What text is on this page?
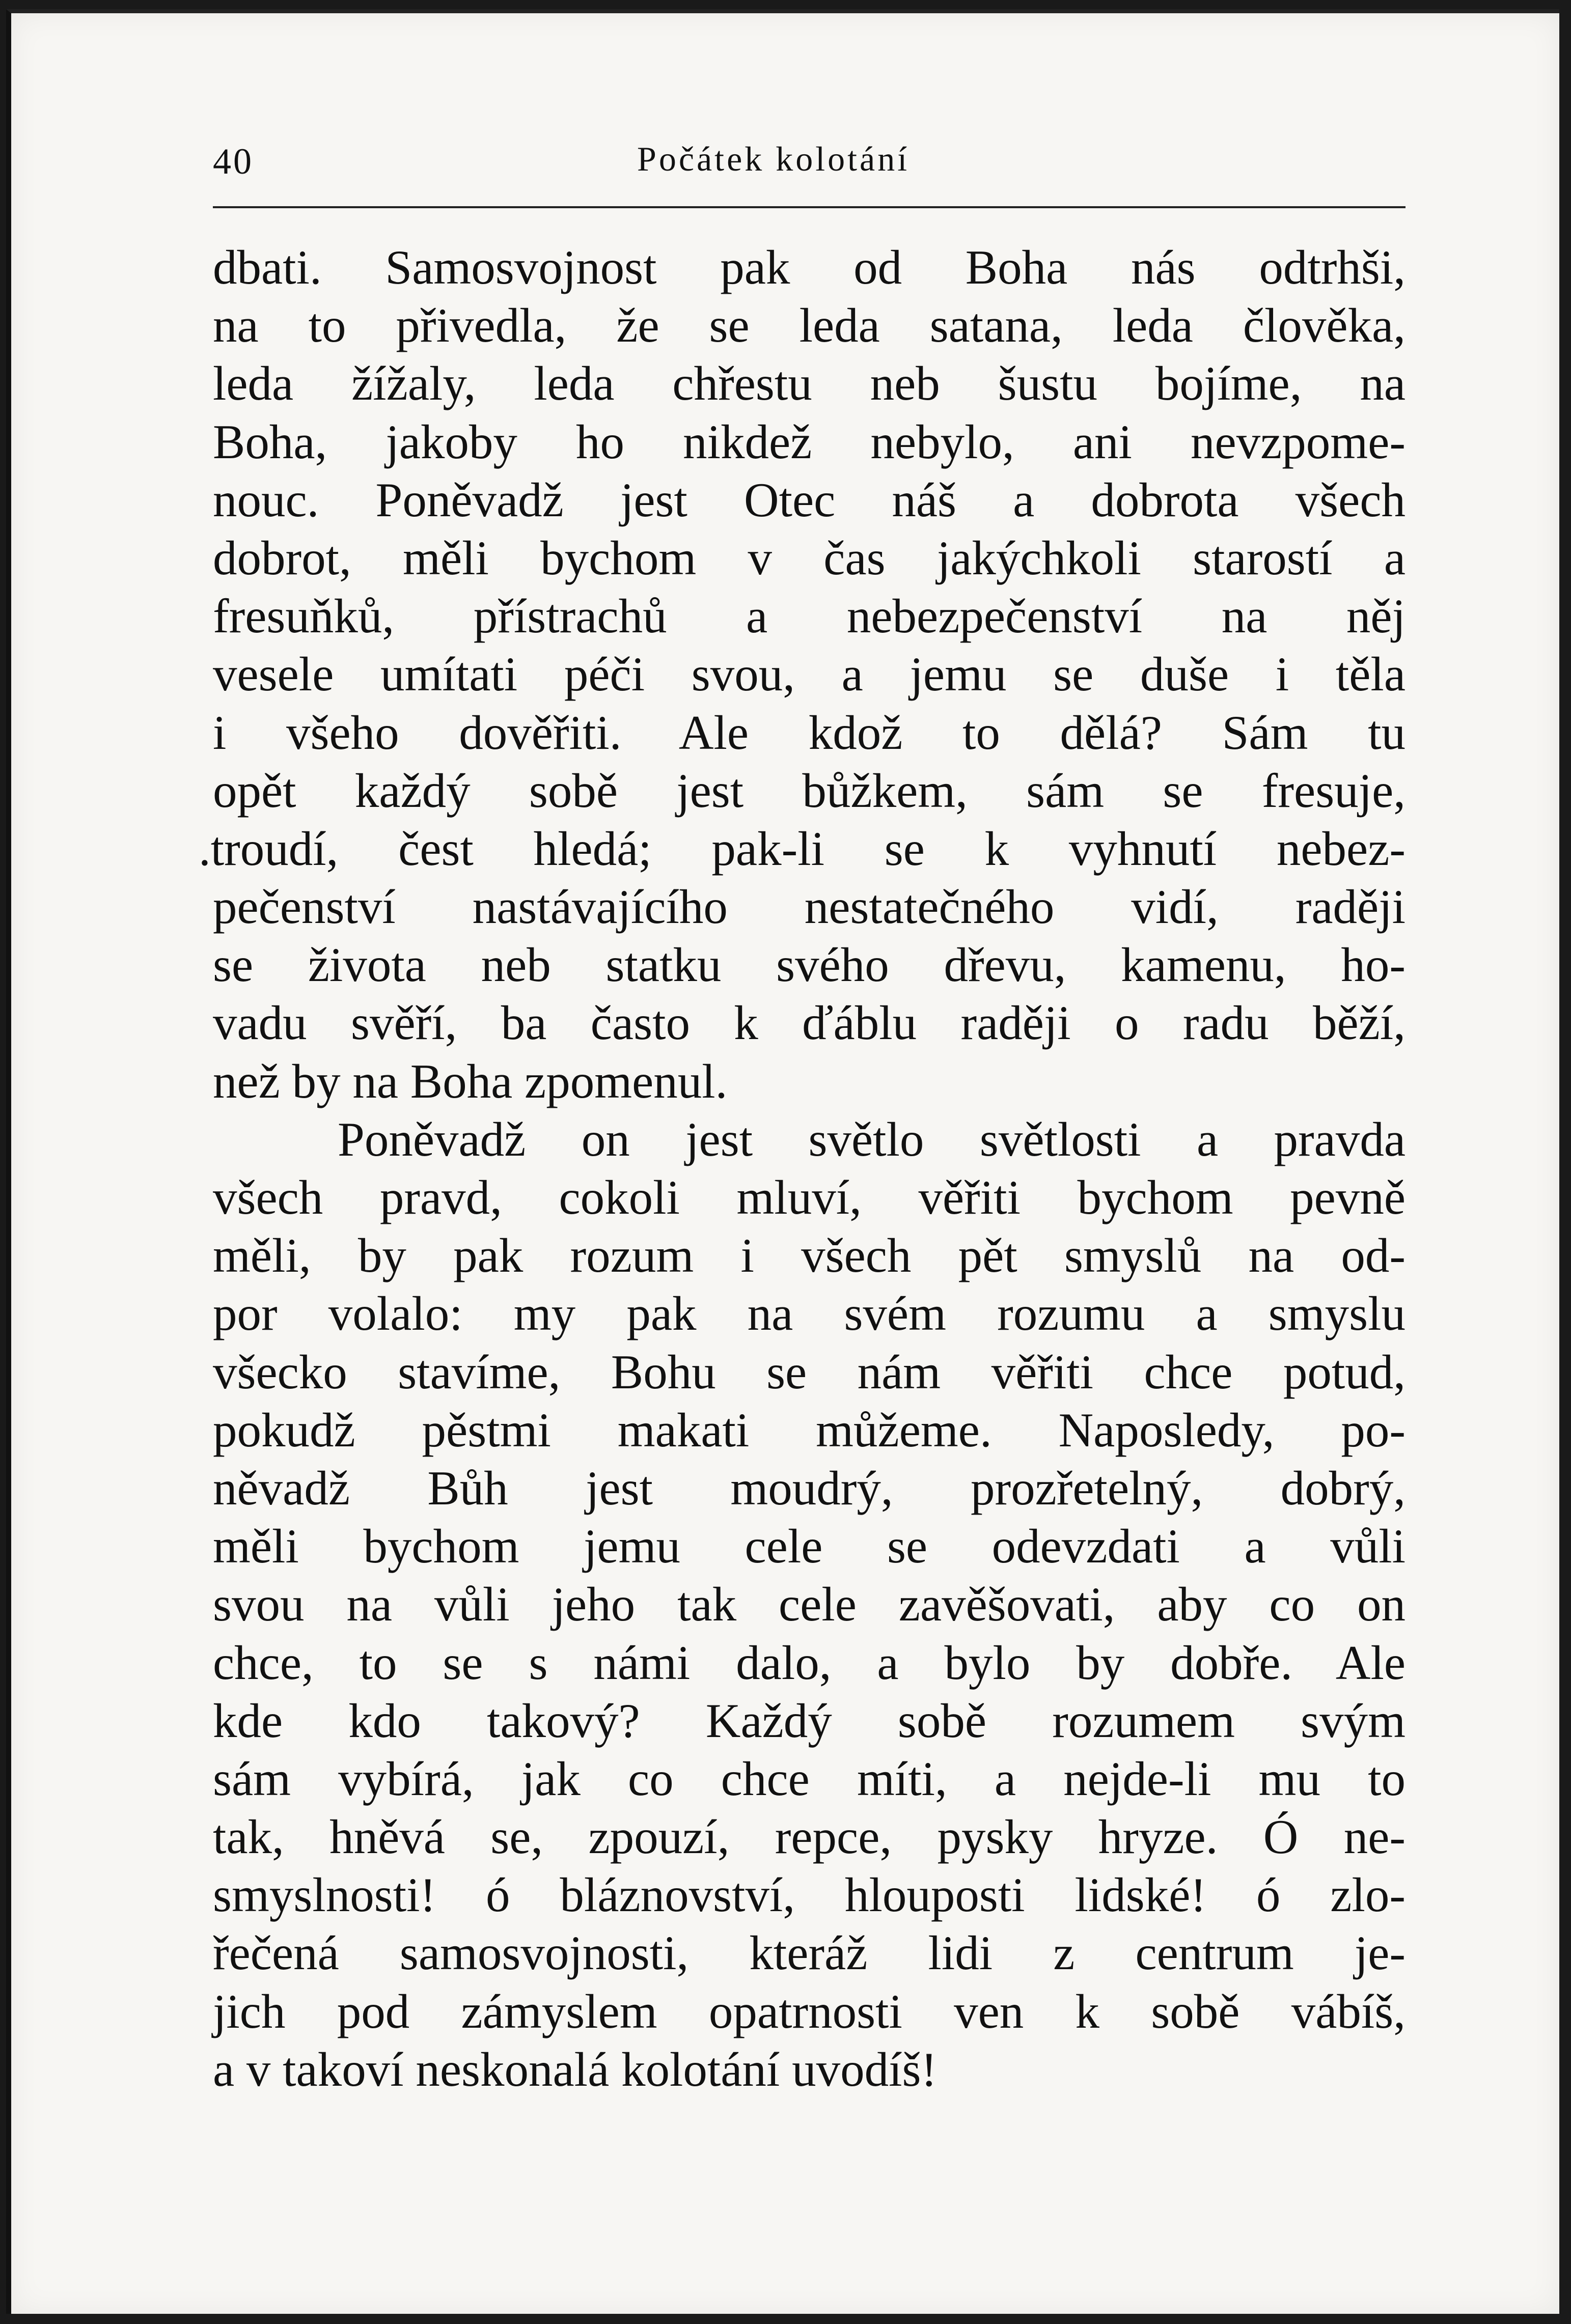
40	Počátek kolotání
dbati. Samosvojnost pak od Boha nás odtrhši,
na to přivedla, že se leda satana, leda člověka,
leda žížaly, leda chřestu neb šustu bojíme, na
Boha, jakoby ho nikdež nebylo, ani nevzpome-
nouc. Poněvadž jest Otec náš a dobrota všech
dobrot, měli bychom v čas jakýchkoli starostí a
fresuňků, přístrachů a nebezpečenství na něj
vesele umítati péči svou, a jemu se duše i těla
i všeho dověřiti. Ale kdož to dělá? Sám tu
opět každý sobě jest bůžkem, sám se fresuje,
.troudí, čest hledá; pak-li se k vyhnutí nebez-
pečenství nastávajícího nestatečného vidí, raději
se života neb statku svého dřevu, kamenu, ho-
vadu svěří, ba často k ďáblu raději o radu běží,
než by na Boha zpomenul.
Poněvadž on jest světlo světlosti a pravda
všech pravd, cokoli mluví, věřiti bychom pevně
měli, by pak rozum i všech pět smyslů na od-
por volalo: my pak na svém rozumu a smyslu
všecko stavíme, Bohu se nám věřiti chce potud,
pokudž pěstmi makati můžeme. Naposledy, po-
něvadž Bůh jest moudrý, prozřetelný, dobrý,
měli bychom jemu cele se odevzdati a vůli
svou na vůli jeho tak cele zavěšovati, aby co on
chce, to se s námi dalo, a bylo by dobře. Ale
kde kdo takový? Každý sobě rozumem svým
sám vybírá, jak co chce míti, a nejde-li mu to
tak, hněvá se, zpouzí, repce, pysky hryze. Ó ne-
smyslnosti! ó bláznovství, hlouposti lidské! ó zlo-
řečená samosvojnosti, kteráž lidi z centrum je-
jich pod zámyslem opatrnosti ven k sobě vábíš,
a v takoví neskonalá kolotání uvodíš!
